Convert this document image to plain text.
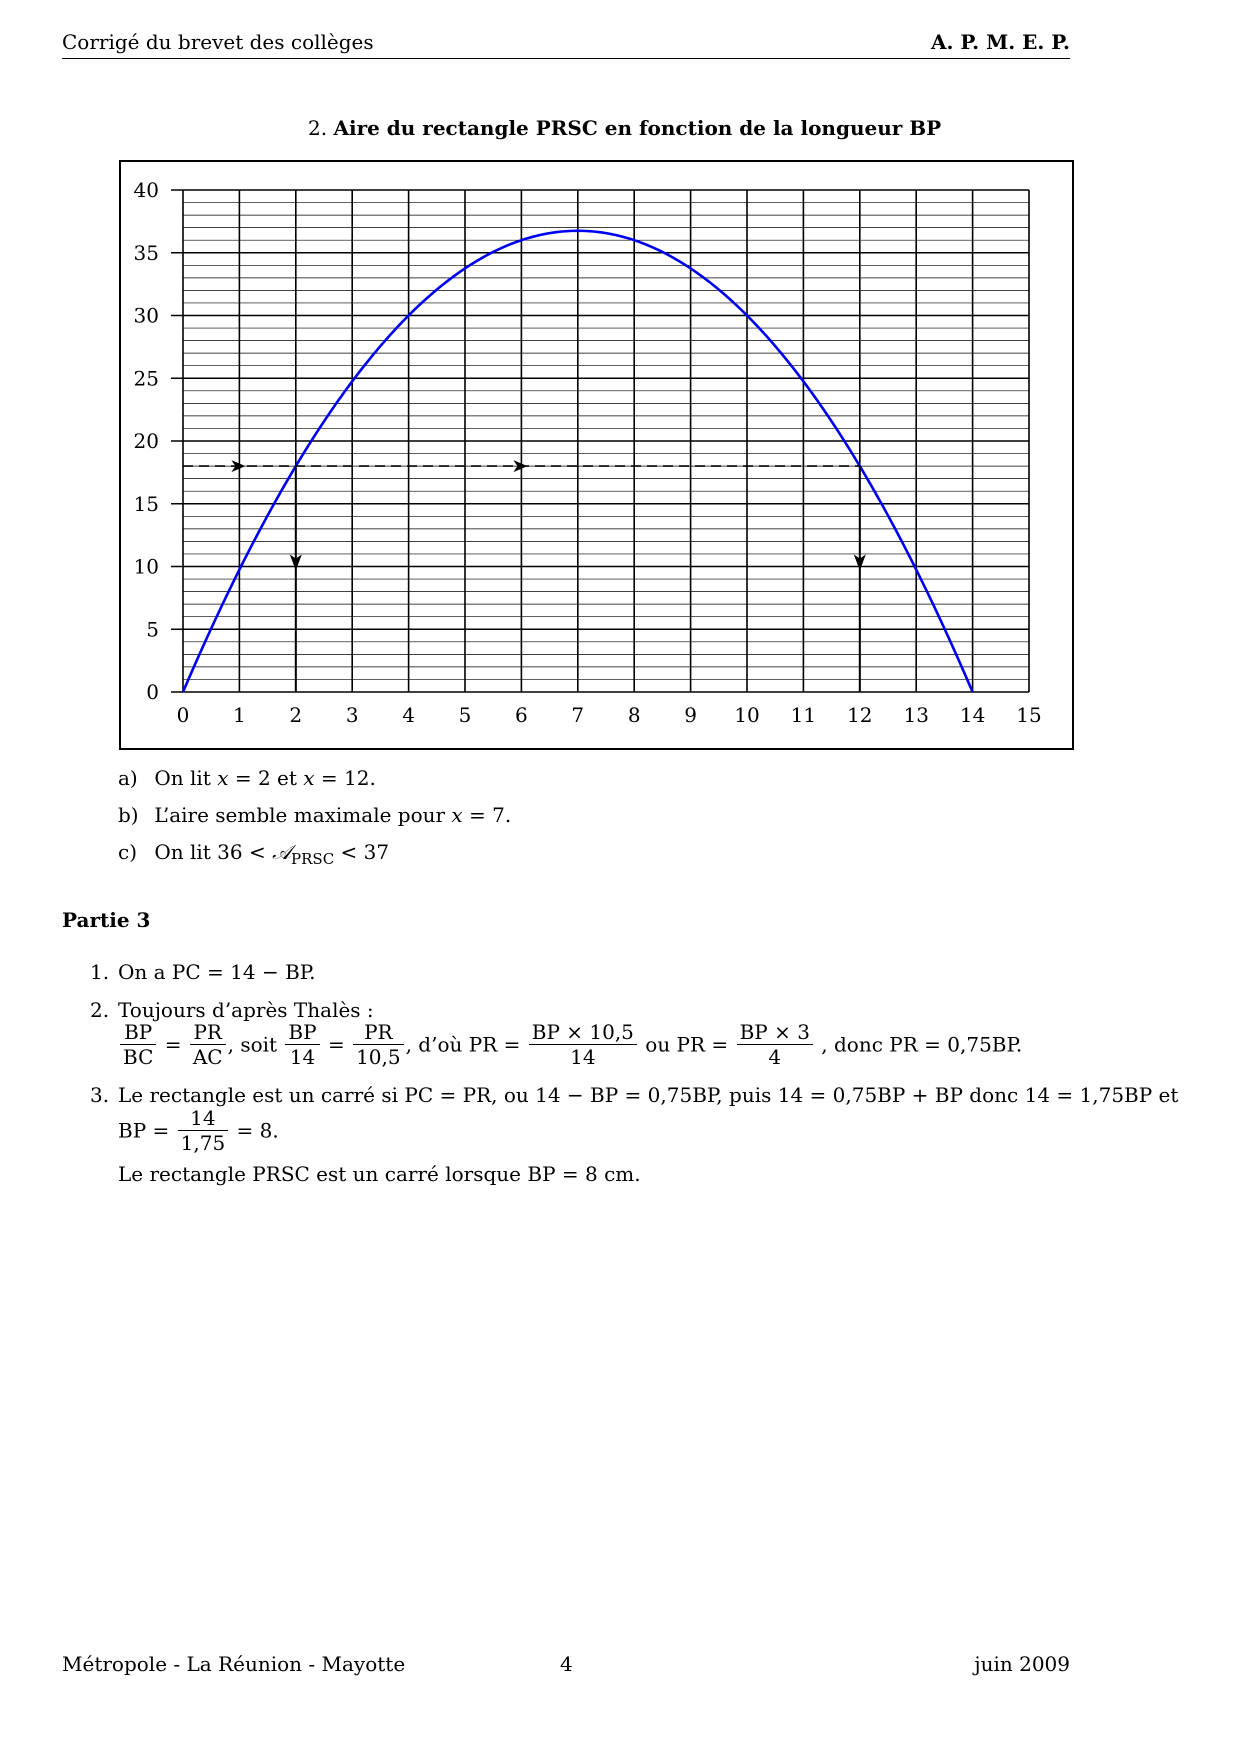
Corrigé du brevet des collèges	A. P. M. E. P.
2. Aire du rectangle PRSC en fonction de la longueur BP
0
5
10
15
20
25
30
35
40
0 1 2 3 4 5 6 7 8 9 10 11 12 13 14 15
a) On lit x = 2 et x = 12.
b) L’aire semble maximale pour x = 7.
c) On lit 36 < 𝒜$_{PRSC}$ < 37
Partie 3
1. On a PC = 14 − BP.
2. Toujours d’après Thalès :
$\frac{BP}{BC} = \frac{PR}{AC}$ , soit $\frac{BP}{14} = \frac{PR}{10,5}$ , d’où PR = $\frac{BP \times 10,5}{14}$ ou PR = $\frac{BP \times 3}{4}$ , donc PR = 0,75BP.
3. Le rectangle est un carré si PC = PR, ou 14 − BP = 0,75BP, puis 14 = 0,75BP + BP donc 14 = 1,75BP et
BP = $\frac{14}{1,75} = 8$.
Le rectangle PRSC est un carré lorsque BP = 8 cm.
Métropole - La Réunion - Mayotte	4	juin 2009
